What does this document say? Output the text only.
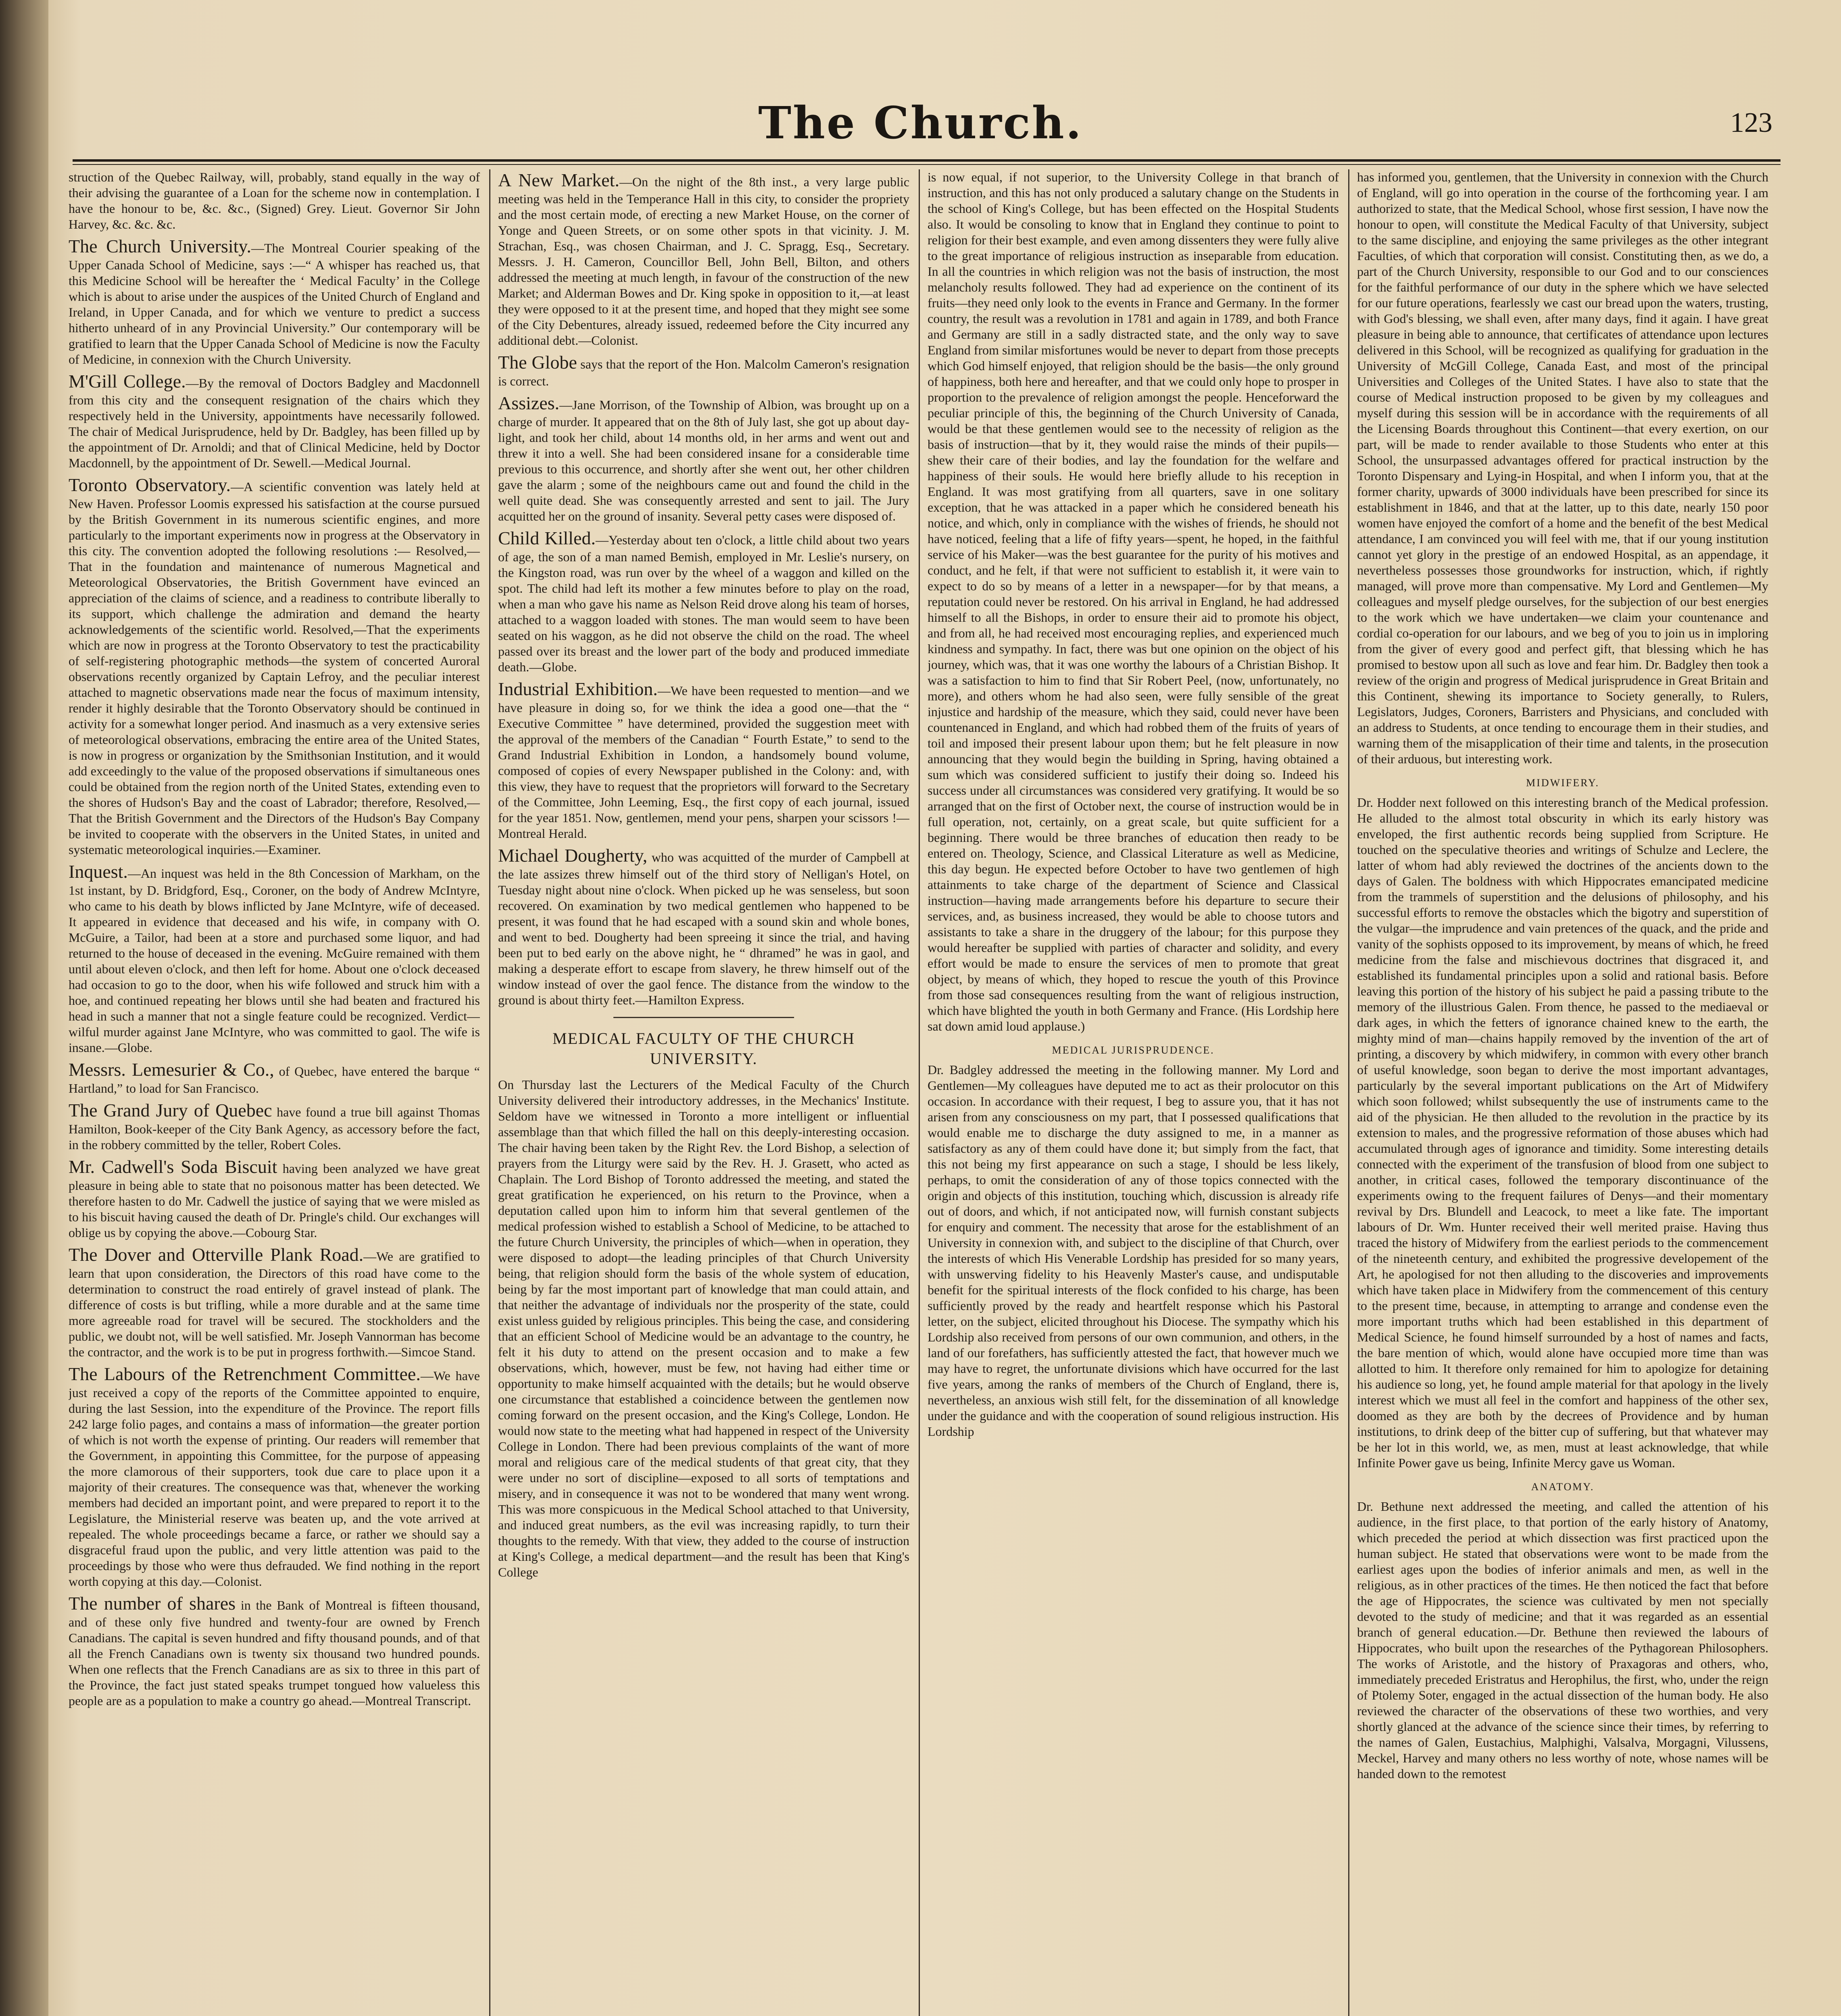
The Church.	123

struction of the Quebec Railway, will, probably, stand equally in the way of their advising the guarantee of a Loan for the scheme now in contemplation. I have the honour to be, &c. &c., (Signed) Grey. Lieut. Governor Sir John Harvey, &c. &c. &c.

The Church University.—The Montreal Courier speaking of the Upper Canada School of Medicine, says :—“ A whisper has reached us, that this Medicine School will be hereafter the ‘ Medical Faculty’ in the College which is about to arise under the auspices of the United Church of England and Ireland, in Upper Canada, and for which we venture to predict a success hitherto unheard of in any Provincial University.” Our contemporary will be gratified to learn that the Upper Canada School of Medicine is now the Faculty of Medicine, in connexion with the Church University.

M'Gill College.—By the removal of Doctors Badgley and Macdonnell from this city and the consequent resignation of the chairs which they respectively held in the University, appointments have necessarily followed. The chair of Medical Jurisprudence, held by Dr. Badgley, has been filled up by the appointment of Dr. Arnoldi; and that of Clinical Medicine, held by Doctor Macdonnell, by the appointment of Dr. Sewell.—Medical Journal.

Toronto Observatory.—A scientific convention was lately held at New Haven. Professor Loomis expressed his satisfaction at the course pursued by the British Government in its numerous scientific engines, and more particularly to the important experiments now in progress at the Observatory in this city. The convention adopted the following resolutions :— Resolved,—That in the foundation and maintenance of numerous Magnetical and Meteorological Observatories, the British Government have evinced an appreciation of the claims of science, and a readiness to contribute liberally to its support, which challenge the admiration and demand the hearty acknowledgements of the scientific world. Resolved,—That the experiments which are now in progress at the Toronto Observatory to test the practicability of self-registering photographic methods—the system of concerted Auroral observations recently organized by Captain Lefroy, and the peculiar interest attached to magnetic observations made near the focus of maximum intensity, render it highly desirable that the Toronto Observatory should be continued in activity for a somewhat longer period. And inasmuch as a very extensive series of meteorological observations, embracing the entire area of the United States, is now in progress or organization by the Smithsonian Institution, and it would add exceedingly to the value of the proposed observations if simultaneous ones could be obtained from the region north of the United States, extending even to the shores of Hudson's Bay and the coast of Labrador; therefore, Resolved,—That the British Government and the Directors of the Hudson's Bay Company be invited to cooperate with the observers in the United States, in united and systematic meteorological inquiries.—Examiner.

Inquest.—An inquest was held in the 8th Concession of Markham, on the 1st instant, by D. Bridgford, Esq., Coroner, on the body of Andrew McIntyre, who came to his death by blows inflicted by Jane McIntyre, wife of deceased. It appeared in evidence that deceased and his wife, in company with O. McGuire, a Tailor, had been at a store and purchased some liquor, and had returned to the house of deceased in the evening. McGuire remained with them until about eleven o'clock, and then left for home. About one o'clock deceased had occasion to go to the door, when his wife followed and struck him with a hoe, and continued repeating her blows until she had beaten and fractured his head in such a manner that not a single feature could be recognized. Verdict—wilful murder against Jane McIntyre, who was committed to gaol. The wife is insane.—Globe.

Messrs. Lemesurier & Co., of Quebec, have entered the barque “ Hartland,” to load for San Francisco.

The Grand Jury of Quebec have found a true bill against Thomas Hamilton, Book-keeper of the City Bank Agency, as accessory before the fact, in the robbery committed by the teller, Robert Coles.

Mr. Cadwell's Soda Biscuit having been analyzed we have great pleasure in being able to state that no poisonous matter has been detected. We therefore hasten to do Mr. Cadwell the justice of saying that we were misled as to his biscuit having caused the death of Dr. Pringle's child. Our exchanges will oblige us by copying the above.—Cobourg Star.

The Dover and Otterville Plank Road.—We are gratified to learn that upon consideration, the Directors of this road have come to the determination to construct the road entirely of gravel instead of plank. The difference of costs is but trifling, while a more durable and at the same time more agreeable road for travel will be secured. The stockholders and the public, we doubt not, will be well satisfied. Mr. Joseph Vannorman has become the contractor, and the work is to be put in progress forthwith.—Simcoe Stand.

The Labours of the Retrenchment Committee.—We have just received a copy of the reports of the Committee appointed to enquire, during the last Session, into the expenditure of the Province. The report fills 242 large folio pages, and contains a mass of information—the greater portion of which is not worth the expense of printing. Our readers will remember that the Government, in appointing this Committee, for the purpose of appeasing the more clamorous of their supporters, took due care to place upon it a majority of their creatures. The consequence was that, whenever the working members had decided an important point, and were prepared to report it to the Legislature, the Ministerial reserve was beaten up, and the vote arrived at repealed. The whole proceedings became a farce, or rather we should say a disgraceful fraud upon the public, and very little attention was paid to the proceedings by those who were thus defrauded. We find nothing in the report worth copying at this day.—Colonist.

The number of shares in the Bank of Montreal is fifteen thousand, and of these only five hundred and twenty-four are owned by French Canadians. The capital is seven hundred and fifty thousand pounds, and of that all the French Canadians own is twenty six thousand two hundred pounds. When one reflects that the French Canadians are as six to three in this part of the Province, the fact just stated speaks trumpet tongued how valueless this people are as a population to make a country go ahead.—Montreal Transcript.

A New Market.—On the night of the 8th inst., a very large public meeting was held in the Temperance Hall in this city, to consider the propriety and the most certain mode, of erecting a new Market House, on the corner of Yonge and Queen Streets, or on some other spots in that vicinity. J. M. Strachan, Esq., was chosen Chairman, and J. C. Spragg, Esq., Secretary. Messrs. J. H. Cameron, Councillor Bell, John Bell, Bilton, and others addressed the meeting at much length, in favour of the construction of the new Market; and Alderman Bowes and Dr. King spoke in opposition to it,—at least they were opposed to it at the present time, and hoped that they might see some of the City Debentures, already issued, redeemed before the City incurred any additional debt.—Colonist.

The Globe says that the report of the Hon. Malcolm Cameron's resignation is correct.

Assizes.—Jane Morrison, of the Township of Albion, was brought up on a charge of murder. It appeared that on the 8th of July last, she got up about day-light, and took her child, about 14 months old, in her arms and went out and threw it into a well. She had been considered insane for a considerable time previous to this occurrence, and shortly after she went out, her other children gave the alarm ; some of the neighbours came out and found the child in the well quite dead. She was consequently arrested and sent to jail. The Jury acquitted her on the ground of insanity. Several petty cases were disposed of.

Child Killed.—Yesterday about ten o'clock, a little child about two years of age, the son of a man named Bemish, employed in Mr. Leslie's nursery, on the Kingston road, was run over by the wheel of a waggon and killed on the spot. The child had left its mother a few minutes before to play on the road, when a man who gave his name as Nelson Reid drove along his team of horses, attached to a waggon loaded with stones. The man would seem to have been seated on his waggon, as he did not observe the child on the road. The wheel passed over its breast and the lower part of the body and produced immediate death.—Globe.

Industrial Exhibition.—We have been requested to mention—and we have pleasure in doing so, for we think the idea a good one—that the “ Executive Committee ” have determined, provided the suggestion meet with the approval of the members of the Canadian “ Fourth Estate,” to send to the Grand Industrial Exhibition in London, a handsomely bound volume, composed of copies of every Newspaper published in the Colony: and, with this view, they have to request that the proprietors will forward to the Secretary of the Committee, John Leeming, Esq., the first copy of each journal, issued for the year 1851. Now, gentlemen, mend your pens, sharpen your scissors !—Montreal Herald.

Michael Dougherty, who was acquitted of the murder of Campbell at the late assizes threw himself out of the third story of Nelligan's Hotel, on Tuesday night about nine o'clock. When picked up he was senseless, but soon recovered. On examination by two medical gentlemen who happened to be present, it was found that he had escaped with a sound skin and whole bones, and went to bed. Dougherty had been spreeing it since the trial, and having been put to bed early on the above night, he “ dhramed” he was in gaol, and making a desperate effort to escape from slavery, he threw himself out of the window instead of over the gaol fence. The distance from the window to the ground is about thirty feet.—Hamilton Express.

MEDICAL FACULTY OF THE CHURCH UNIVERSITY.

On Thursday last the Lecturers of the Medical Faculty of the Church University delivered their introductory addresses, in the Mechanics' Institute. Seldom have we witnessed in Toronto a more intelligent or influential assemblage than that which filled the hall on this deeply-interesting occasion. The chair having been taken by the Right Rev. the Lord Bishop, a selection of prayers from the Liturgy were said by the Rev. H. J. Grasett, who acted as Chaplain. The Lord Bishop of Toronto addressed the meeting, and stated the great gratification he experienced, on his return to the Province, when a deputation called upon him to inform him that several gentlemen of the medical profession wished to establish a School of Medicine, to be attached to the future Church University, the principles of which—when in operation, they were disposed to adopt—the leading principles of that Church University being, that religion should form the basis of the whole system of education, being by far the most important part of knowledge that man could attain, and that neither the advantage of individuals nor the prosperity of the state, could exist unless guided by religious principles. This being the case, and considering that an efficient School of Medicine would be an advantage to the country, he felt it his duty to attend on the present occasion and to make a few observations, which, however, must be few, not having had either time or opportunity to make himself acquainted with the details; but he would observe one circumstance that established a coincidence between the gentlemen now coming forward on the present occasion, and the King's College, London. He would now state to the meeting what had happened in respect of the University College in London. There had been previous complaints of the want of more moral and religious care of the medical students of that great city, that they were under no sort of discipline—exposed to all sorts of temptations and misery, and in consequence it was not to be wondered that many went wrong. This was more conspicuous in the Medical School attached to that University, and induced great numbers, as the evil was increasing rapidly, to turn their thoughts to the remedy. With that view, they added to the course of instruction at King's College, a medical department—and the result has been that King's College

is now equal, if not superior, to the University College in that branch of instruction, and this has not only produced a salutary change on the Students in the school of King's College, but has been effected on the Hospital Students also. It would be consoling to know that in England they continue to point to religion for their best example, and even among dissenters they were fully alive to the great importance of religious instruction as inseparable from education. In all the countries in which religion was not the basis of instruction, the most melancholy results followed. They had ad experience on the continent of its fruits—they need only look to the events in France and Germany. In the former country, the result was a revolution in 1781 and again in 1789, and both France and Germany are still in a sadly distracted state, and the only way to save England from similar misfortunes would be never to depart from those precepts which God himself enjoyed, that religion should be the basis—the only ground of happiness, both here and hereafter, and that we could only hope to prosper in proportion to the prevalence of religion amongst the people. Henceforward the peculiar principle of this, the beginning of the Church University of Canada, would be that these gentlemen would see to the necessity of religion as the basis of instruction—that by it, they would raise the minds of their pupils—shew their care of their bodies, and lay the foundation for the welfare and happiness of their souls. He would here briefly allude to his reception in England. It was most gratifying from all quarters, save in one solitary exception, that he was attacked in a paper which he considered beneath his notice, and which, only in compliance with the wishes of friends, he should not have noticed, feeling that a life of fifty years—spent, he hoped, in the faithful service of his Maker—was the best guarantee for the purity of his motives and conduct, and he felt, if that were not sufficient to establish it, it were vain to expect to do so by means of a letter in a newspaper—for by that means, a reputation could never be restored. On his arrival in England, he had addressed himself to all the Bishops, in order to ensure their aid to promote his object, and from all, he had received most encouraging replies, and experienced much kindness and sympathy. In fact, there was but one opinion on the object of his journey, which was, that it was one worthy the labours of a Christian Bishop. It was a satisfaction to him to find that Sir Robert Peel, (now, unfortunately, no more), and others whom he had also seen, were fully sensible of the great injustice and hardship of the measure, which they said, could never have been countenanced in England, and which had robbed them of the fruits of years of toil and imposed their present labour upon them; but he felt pleasure in now announcing that they would begin the building in Spring, having obtained a sum which was considered sufficient to justify their doing so. Indeed his success under all circumstances was considered very gratifying. It would be so arranged that on the first of October next, the course of instruction would be in full operation, not, certainly, on a great scale, but quite sufficient for a beginning. There would be three branches of education then ready to be entered on. Theology, Science, and Classical Literature as well as Medicine, this day begun. He expected before October to have two gentlemen of high attainments to take charge of the department of Science and Classical instruction—having made arrangements before his departure to secure their services, and, as business increased, they would be able to choose tutors and assistants to take a share in the druggery of the labour; for this purpose they would hereafter be supplied with parties of character and solidity, and every effort would be made to ensure the services of men to promote that great object, by means of which, they hoped to rescue the youth of this Province from those sad consequences resulting from the want of religious instruction, which have blighted the youth in both Germany and France. (His Lordship here sat down amid loud applause.)

MEDICAL JURISPRUDENCE.

Dr. Badgley addressed the meeting in the following manner. My Lord and Gentlemen—My colleagues have deputed me to act as their prolocutor on this occasion. In accordance with their request, I beg to assure you, that it has not arisen from any consciousness on my part, that I possessed qualifications that would enable me to discharge the duty assigned to me, in a manner as satisfactory as any of them could have done it; but simply from the fact, that this not being my first appearance on such a stage, I should be less likely, perhaps, to omit the consideration of any of those topics connected with the origin and objects of this institution, touching which, discussion is already rife out of doors, and which, if not anticipated now, will furnish constant subjects for enquiry and comment. The necessity that arose for the establishment of an University in connexion with, and subject to the discipline of that Church, over the interests of which His Venerable Lordship has presided for so many years, with unswerving fidelity to his Heavenly Master's cause, and undisputable benefit for the spiritual interests of the flock confided to his charge, has been sufficiently proved by the ready and heartfelt response which his Pastoral letter, on the subject, elicited throughout his Diocese. The sympathy which his Lordship also received from persons of our own communion, and others, in the land of our forefathers, has sufficiently attested the fact, that however much we may have to regret, the unfortunate divisions which have occurred for the last five years, among the ranks of members of the Church of England, there is, nevertheless, an anxious wish still felt, for the dissemination of all knowledge under the guidance and with the cooperation of sound religious instruction. His Lordship

has informed you, gentlemen, that the University in connexion with the Church of England, will go into operation in the course of the forthcoming year. I am authorized to state, that the Medical School, whose first session, I have now the honour to open, will constitute the Medical Faculty of that University, subject to the same discipline, and enjoying the same privileges as the other integrant Faculties, of which that corporation will consist. Constituting then, as we do, a part of the Church University, responsible to our God and to our consciences for the faithful performance of our duty in the sphere which we have selected for our future operations, fearlessly we cast our bread upon the waters, trusting, with God's blessing, we shall even, after many days, find it again. I have great pleasure in being able to announce, that certificates of attendance upon lectures delivered in this School, will be recognized as qualifying for graduation in the University of McGill College, Canada East, and most of the principal Universities and Colleges of the United States. I have also to state that the course of Medical instruction proposed to be given by my colleagues and myself during this session will be in accordance with the requirements of all the Licensing Boards throughout this Continent—that every exertion, on our part, will be made to render available to those Students who enter at this School, the unsurpassed advantages offered for practical instruction by the Toronto Dispensary and Lying-in Hospital, and when I inform you, that at the former charity, upwards of 3000 individuals have been prescribed for since its establishment in 1846, and that at the latter, up to this date, nearly 150 poor women have enjoyed the comfort of a home and the benefit of the best Medical attendance, I am convinced you will feel with me, that if our young institution cannot yet glory in the prestige of an endowed Hospital, as an appendage, it nevertheless possesses those groundworks for instruction, which, if rightly managed, will prove more than compensative. My Lord and Gentlemen—My colleagues and myself pledge ourselves, for the subjection of our best energies to the work which we have undertaken—we claim your countenance and cordial co-operation for our labours, and we beg of you to join us in imploring from the giver of every good and perfect gift, that blessing which he has promised to bestow upon all such as love and fear him. Dr. Badgley then took a review of the origin and progress of Medical jurisprudence in Great Britain and this Continent, shewing its importance to Society generally, to Rulers, Legislators, Judges, Coroners, Barristers and Physicians, and concluded with an address to Students, at once tending to encourage them in their studies, and warning them of the misapplication of their time and talents, in the prosecution of their arduous, but interesting work.

MIDWIFERY.

Dr. Hodder next followed on this interesting branch of the Medical profession. He alluded to the almost total obscurity in which its early history was enveloped, the first authentic records being supplied from Scripture. He touched on the speculative theories and writings of Schulze and Leclere, the latter of whom had ably reviewed the doctrines of the ancients down to the days of Galen. The boldness with which Hippocrates emancipated medicine from the trammels of superstition and the delusions of philosophy, and his successful efforts to remove the obstacles which the bigotry and superstition of the vulgar—the imprudence and vain pretences of the quack, and the pride and vanity of the sophists opposed to its improvement, by means of which, he freed medicine from the false and mischievous doctrines that disgraced it, and established its fundamental principles upon a solid and rational basis. Before leaving this portion of the history of his subject he paid a passing tribute to the memory of the illustrious Galen. From thence, he passed to the mediaeval or dark ages, in which the fetters of ignorance chained knew to the earth, the mighty mind of man—chains happily removed by the invention of the art of printing, a discovery by which midwifery, in common with every other branch of useful knowledge, soon began to derive the most important advantages, particularly by the several important publications on the Art of Midwifery which soon followed; whilst subsequently the use of instruments came to the aid of the physician. He then alluded to the revolution in the practice by its extension to males, and the progressive reformation of those abuses which had accumulated through ages of ignorance and timidity. Some interesting details connected with the experiment of the transfusion of blood from one subject to another, in critical cases, followed the temporary discontinuance of the experiments owing to the frequent failures of Denys—and their momentary revival by Drs. Blundell and Leacock, to meet a like fate. The important labours of Dr. Wm. Hunter received their well merited praise. Having thus traced the history of Midwifery from the earliest periods to the commencement of the nineteenth century, and exhibited the progressive developement of the Art, he apologised for not then alluding to the discoveries and improvements which have taken place in Midwifery from the commencement of this century to the present time, because, in attempting to arrange and condense even the more important truths which had been established in this department of Medical Science, he found himself surrounded by a host of names and facts, the bare mention of which, would alone have occupied more time than was allotted to him. It therefore only remained for him to apologize for detaining his audience so long, yet, he found ample material for that apology in the lively interest which we must all feel in the comfort and happiness of the other sex, doomed as they are both by the decrees of Providence and by human institutions, to drink deep of the bitter cup of suffering, but that whatever may be her lot in this world, we, as men, must at least acknowledge, that while Infinite Power gave us being, Infinite Mercy gave us Woman.

ANATOMY.

Dr. Bethune next addressed the meeting, and called the attention of his audience, in the first place, to that portion of the early history of Anatomy, which preceded the period at which dissection was first practiced upon the human subject. He stated that observations were wont to be made from the earliest ages upon the bodies of inferior animals and men, as well in the religious, as in other practices of the times. He then noticed the fact that before the age of Hippocrates, the science was cultivated by men not specially devoted to the study of medicine; and that it was regarded as an essential branch of general education.—Dr. Bethune then reviewed the labours of Hippocrates, who built upon the researches of the Pythagorean Philosophers. The works of Aristotle, and the history of Praxagoras and others, who, immediately preceded Eristratus and Herophilus, the first, who, under the reign of Ptolemy Soter, engaged in the actual dissection of the human body. He also reviewed the character of the observations of these two worthies, and very shortly glanced at the advance of the science since their times, by referring to the names of Galen, Eustachius, Malphighi, Valsalva, Morgagni, Vilussens, Meckel, Harvey and many others no less worthy of note, whose names will be handed down to the remotest
